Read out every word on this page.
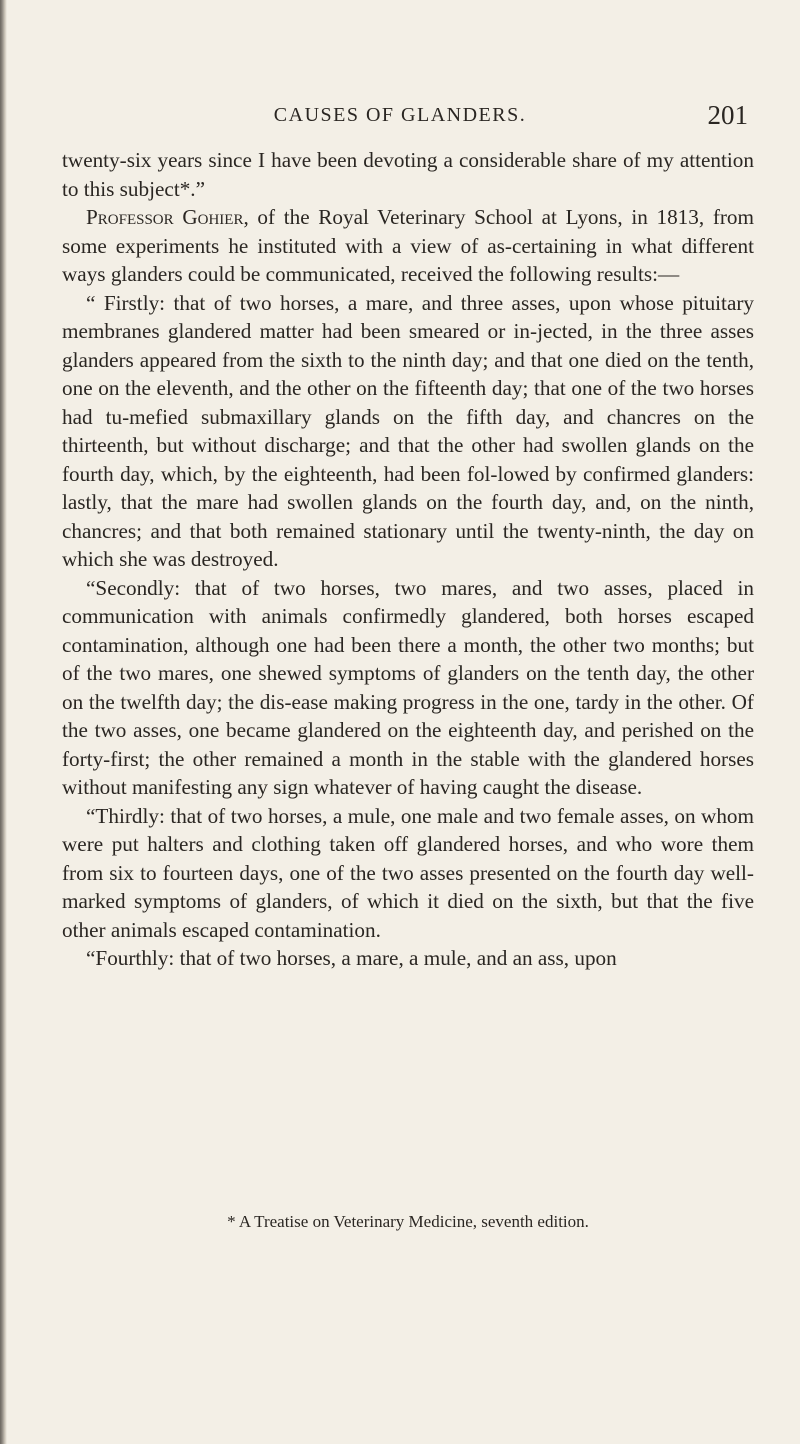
CAUSES OF GLANDERS.	201

twenty-six years since I have been devoting a considerable share of my attention to this subject*.”

Professor Gohier, of the Royal Veterinary School at Lyons, in 1813, from some experiments he instituted with a view of as-certaining in what different ways glanders could be communicated, received the following results:—

“ Firstly: that of two horses, a mare, and three asses, upon whose pituitary membranes glandered matter had been smeared or in-jected, in the three asses glanders appeared from the sixth to the ninth day; and that one died on the tenth, one on the eleventh, and the other on the fifteenth day; that one of the two horses had tu-mefied submaxillary glands on the fifth day, and chancres on the thirteenth, but without discharge; and that the other had swollen glands on the fourth day, which, by the eighteenth, had been fol-lowed by confirmed glanders: lastly, that the mare had swollen glands on the fourth day, and, on the ninth, chancres; and that both remained stationary until the twenty-ninth, the day on which she was destroyed.

“Secondly: that of two horses, two mares, and two asses, placed in communication with animals confirmedly glandered, both horses escaped contamination, although one had been there a month, the other two months; but of the two mares, one shewed symptoms of glanders on the tenth day, the other on the twelfth day; the dis-ease making progress in the one, tardy in the other. Of the two asses, one became glandered on the eighteenth day, and perished on the forty-first; the other remained a month in the stable with the glandered horses without manifesting any sign whatever of having caught the disease.

“Thirdly: that of two horses, a mule, one male and two female asses, on whom were put halters and clothing taken off glandered horses, and who wore them from six to fourteen days, one of the two asses presented on the fourth day well-marked symptoms of glanders, of which it died on the sixth, but that the five other animals escaped contamination.

“Fourthly: that of two horses, a mare, a mule, and an ass, upon

* A Treatise on Veterinary Medicine, seventh edition.
